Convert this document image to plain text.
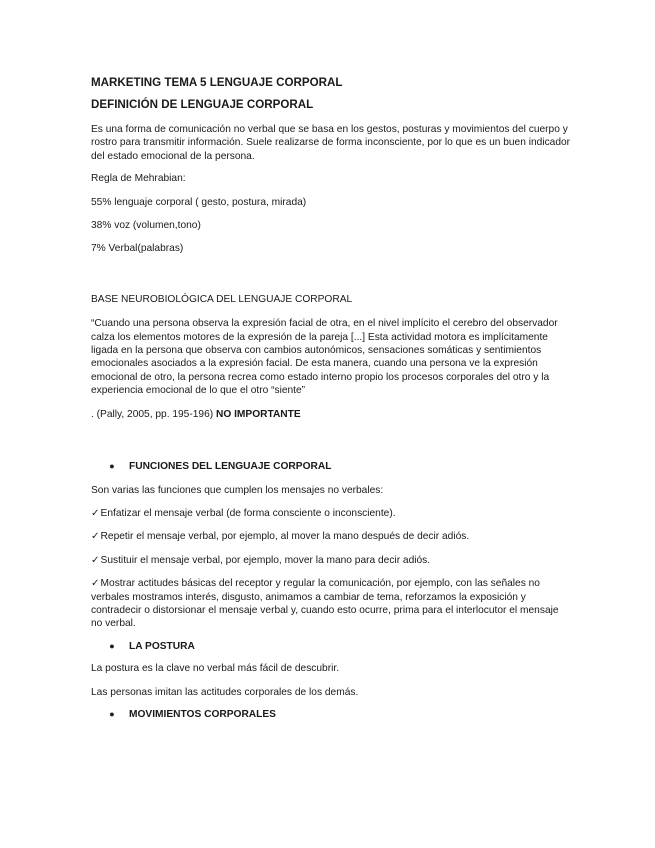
MARKETING TEMA 5 LENGUAJE CORPORAL

DEFINICIÓN DE LENGUAJE CORPORAL

Es una forma de comunicación no verbal que se basa en los gestos, posturas y movimientos del cuerpo y rostro para transmitir información. Suele realizarse de forma inconsciente, por lo que es un buen indicador del estado emocional de la persona.

Regla de Mehrabian:

55% lenguaje corporal ( gesto, postura, mirada)

38% voz (volumen,tono)

7% Verbal(palabras)

BASE NEUROBIOLÓGICA DEL LENGUAJE CORPORAL

“Cuando una persona observa la expresión facial de otra, en el nivel implícito el cerebro del observador calza los elementos motores de la expresión de la pareja [...] Esta actividad motora es implícitamente ligada en la persona que observa con cambios autonómicos, sensaciones somáticas y sentimientos emocionales asociados a la expresión facial. De esta manera, cuando una persona ve la expresión emocional de otro, la persona recrea como estado interno propio los procesos corporales del otro y la experiencia emocional de lo que el otro “siente”

. (Pally, 2005, pp. 195-196) NO IMPORTANTE

●	FUNCIONES DEL LENGUAJE CORPORAL

Son varias las funciones que cumplen los mensajes no verbales:

✓Enfatizar el mensaje verbal (de forma consciente o inconsciente).

✓Repetir el mensaje verbal, por ejemplo, al mover la mano después de decir adiós.

✓Sustituir el mensaje verbal, por ejemplo, mover la mano para decir adiós.

✓Mostrar actitudes básicas del receptor y regular la comunicación, por ejemplo, con las señales no verbales mostramos interés, disgusto, animamos a cambiar de tema, reforzamos la exposición y contradecir o distorsionar el mensaje verbal y, cuando esto ocurre, prima para el interlocutor el mensaje no verbal.

●	LA POSTURA

La postura es la clave no verbal más fácil de descubrir.

Las personas imitan las actitudes corporales de los demás.

●	MOVIMIENTOS CORPORALES
